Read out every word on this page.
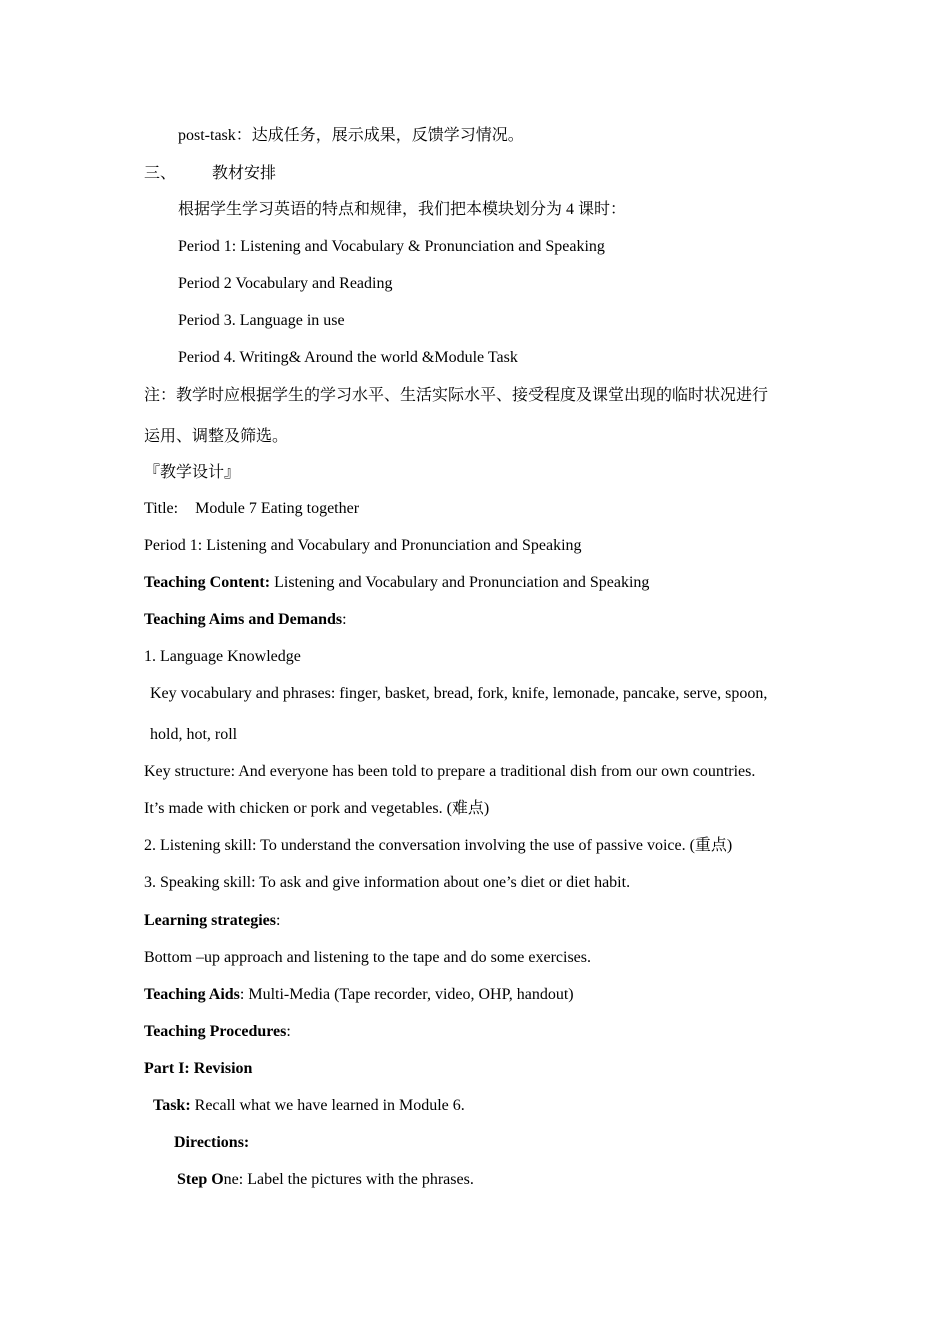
post-task：达成任务，展示成果，反馈学习情况。
三、 教材安排
根据学生学习英语的特点和规律，我们把本模块划分为 4 课时：
Period 1: Listening and Vocabulary & Pronunciation and Speaking
Period 2 Vocabulary and Reading
Period 3. Language in use
Period 4. Writing& Around the world &Module Task
注：教学时应根据学生的学习水平、生活实际水平、接受程度及课堂出现的临时状况进行
运用、调整及筛选。
『教学设计』
Title: Module 7 Eating together
Period 1: Listening and Vocabulary and Pronunciation and Speaking
Teaching Content: Listening and Vocabulary and Pronunciation and Speaking
Teaching Aims and Demands:
1. Language Knowledge
Key vocabulary and phrases: finger, basket, bread, fork, knife, lemonade, pancake, serve, spoon,
hold, hot, roll
Key structure: And everyone has been told to prepare a traditional dish from our own countries.
It’s made with chicken or pork and vegetables. (难点)
2. Listening skill: To understand the conversation involving the use of passive voice. (重点)
3. Speaking skill: To ask and give information about one’s diet or diet habit.
Learning strategies:
Bottom –up approach and listening to the tape and do some exercises.
Teaching Aids: Multi-Media (Tape recorder, video, OHP, handout)
Teaching Procedures:
Part I: Revision
Task: Recall what we have learned in Module 6.
Directions:
Step One: Label the pictures with the phrases.
